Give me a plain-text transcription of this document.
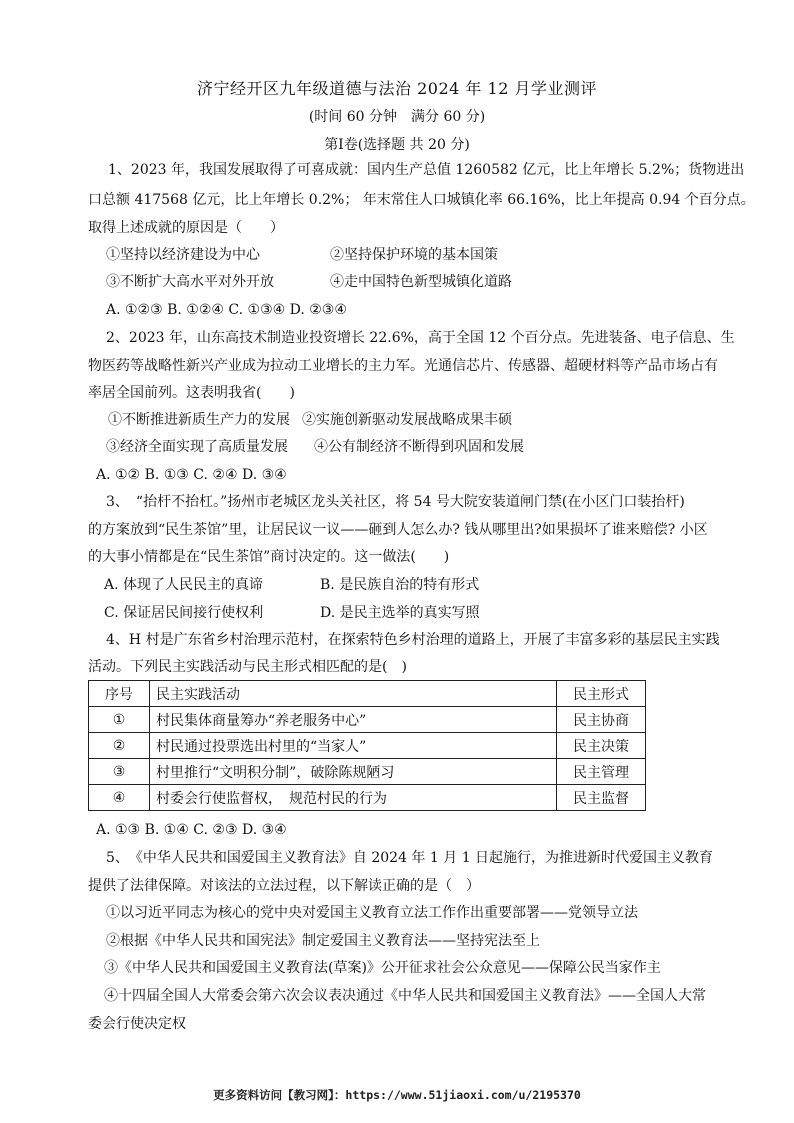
济宁经开区九年级道德与法治 2024 年 12 月学业测评
(时间 60 分钟　满分 60 分)
第Ⅰ卷(选择题 共 20 分)
1、2023 年，我国发展取得了可喜成就：国内生产总值 1260582 亿元，比上年增长 5.2%；货物进出
口总额 417568 亿元，比上年增长 0.2%； 年末常住人口城镇化率 66.16%，比上年提高 0.94 个百分点。
取得上述成就的原因是（　　）
①坚持以经济建设为中心	②坚持保护环境的基本国策
③不断扩大高水平对外开放	④走中国特色新型城镇化道路
A. ①②③ B. ①②④ C. ①③④ D. ②③④
2、2023 年，山东高技术制造业投资增长 22.6%，高于全国 12 个百分点。先进装备、电子信息、生
物医药等战略性新兴产业成为拉动工业增长的主力军。光通信芯片、传感器、超硬材料等产品市场占有
率居全国前列。这表明我省(　　)
①不断推进新质生产力的发展 ②实施创新驱动发展战略成果丰硕
③经济全面实现了高质量发展 ④公有制经济不断得到巩固和发展
A. ①② B. ①③ C. ②④ D. ③④
3、　“抬杆不抬杠。”扬州市老城区龙头关社区，将 54 号大院安装道闸门禁(在小区门口装抬杆)
的方案放到“民生茶馆”里，让居民议一议——砸到人怎么办? 钱从哪里出?如果损坏了谁来赔偿? 小区
的大事小情都是在“民生茶馆”商讨决定的。这一做法(　　)
A. 体现了人民民主的真谛	B. 是民族自治的特有形式
C. 保证居民间接行使权利	D. 是民主选举的真实写照
4、H 村是广东省乡村治理示范村，在探索特色乡村治理的道路上，开展了丰富多彩的基层民主实践
活动。下列民主实践活动与民主形式相匹配的是(　)
序号	民主实践活动	民主形式
①	村民集体商量筹办“养老服务中心”	民主协商
②	村民通过投票选出村里的“当家人”	民主决策
③	村里推行“文明积分制”，破除陈规陋习	民主管理
④	村委会行使监督权，　规范村民的行为	民主监督
A. ①③ B. ①④ C. ②③ D. ③④
5、　《中华人民共和国爱国主义教育法》自 2024 年 1 月 1 日起施行，为推进新时代爱国主义教育
提供了法律保障。对该法的立法过程，以下解读正确的是（　）
①以习近平同志为核心的党中央对爱国主义教育立法工作作出重要部署——党领导立法
②根据《中华人民共和国宪法》制定爱国主义教育法——坚持宪法至上
③《中华人民共和国爱国主义教育法(草案)》公开征求社会公众意见——保障公民当家作主
④十四届全国人大常委会第六次会议表决通过《中华人民共和国爱国主义教育法》——全国人大常
委会行使决定权
更多资料访问【教习网】：https://www.51jiaoxi.com/u/2195370
